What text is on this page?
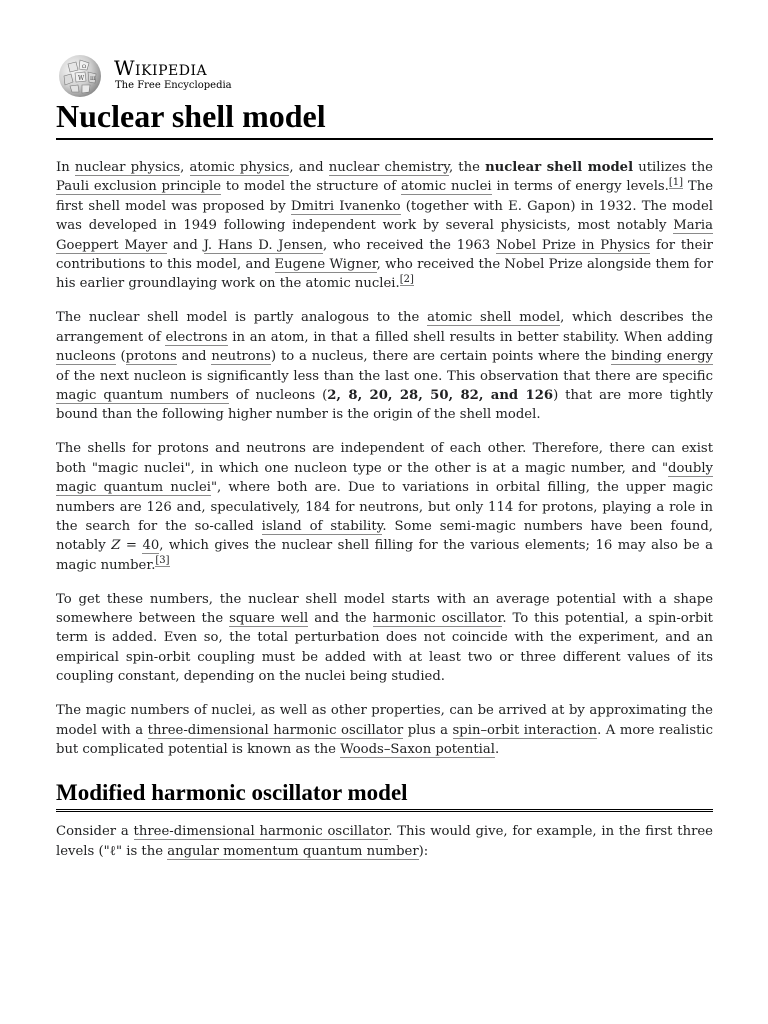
W Ш
Ω Wikipedia
The Free Encyclopedia
Nuclear shell model

In nuclear physics, atomic physics, and nuclear chemistry, the nuclear shell model utilizes the Pauli exclusion principle to model the structure of atomic nuclei in terms of energy levels.[1] The first shell model was proposed by Dmitri Ivanenko (together with E. Gapon) in 1932. The model was developed in 1949 following independent work by several physicists, most notably Maria Goeppert Mayer and J. Hans D. Jensen, who received the 1963 Nobel Prize in Physics for their contributions to this model, and Eugene Wigner, who received the Nobel Prize alongside them for his earlier groundlaying work on the atomic nuclei.[2]

The nuclear shell model is partly analogous to the atomic shell model, which describes the arrangement of electrons in an atom, in that a filled shell results in better stability. When adding nucleons (protons and neutrons) to a nucleus, there are certain points where the binding energy of the next nucleon is significantly less than the last one. This observation that there are specific magic quantum numbers of nucleons (2, 8, 20, 28, 50, 82, and 126) that are more tightly bound than the following higher number is the origin of the shell model.

The shells for protons and neutrons are independent of each other. Therefore, there can exist both "magic nuclei", in which one nucleon type or the other is at a magic number, and "doubly magic quantum nuclei", where both are. Due to variations in orbital filling, the upper magic numbers are 126 and, speculatively, 184 for neutrons, but only 114 for protons, playing a role in the search for the so-called island of stability. Some semi-magic numbers have been found, notably Z = 40, which gives the nuclear shell filling for the various elements; 16 may also be a magic number.[3]

To get these numbers, the nuclear shell model starts with an average potential with a shape somewhere between the square well and the harmonic oscillator. To this potential, a spin-orbit term is added. Even so, the total perturbation does not coincide with the experiment, and an empirical spin-orbit coupling must be added with at least two or three different values of its coupling constant, depending on the nuclei being studied.

The magic numbers of nuclei, as well as other properties, can be arrived at by approximating the model with a three-dimensional harmonic oscillator plus a spin–orbit interaction. A more realistic but complicated potential is known as the Woods–Saxon potential.

Modified harmonic oscillator model

Consider a three-dimensional harmonic oscillator. This would give, for example, in the first three levels ("ℓ" is the angular momentum quantum number):
